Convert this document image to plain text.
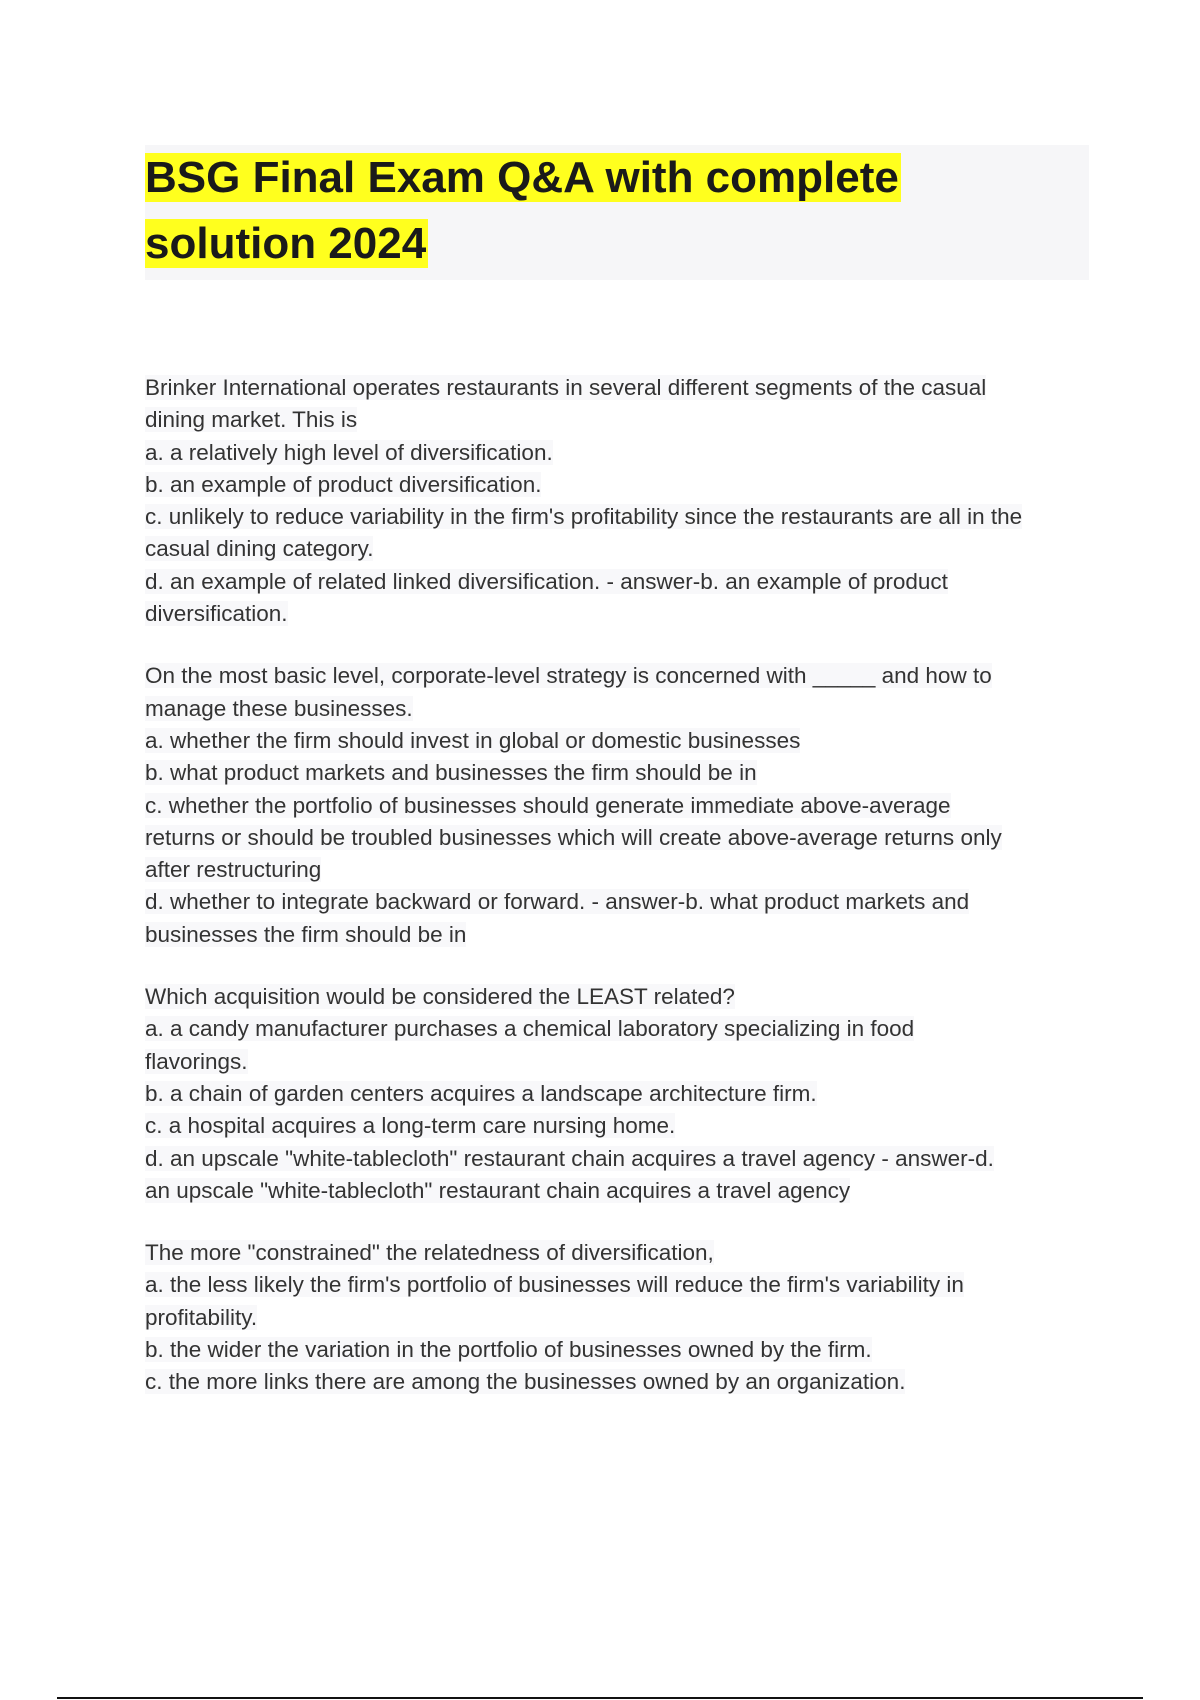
BSG Final Exam Q&A with complete
solution 2024
Brinker International operates restaurants in several different segments of the casual
dining market. This is
a. a relatively high level of diversification.
b. an example of product diversification.
c. unlikely to reduce variability in the firm's profitability since the restaurants are all in the
casual dining category.
d. an example of related linked diversification. - answer-b. an example of product
diversification.
On the most basic level, corporate-level strategy is concerned with _____ and how to
manage these businesses.
a. whether the firm should invest in global or domestic businesses
b. what product markets and businesses the firm should be in
c. whether the portfolio of businesses should generate immediate above-average
returns or should be troubled businesses which will create above-average returns only
after restructuring
d. whether to integrate backward or forward. - answer-b. what product markets and
businesses the firm should be in
Which acquisition would be considered the LEAST related?
a. a candy manufacturer purchases a chemical laboratory specializing in food
flavorings.
b. a chain of garden centers acquires a landscape architecture firm.
c. a hospital acquires a long-term care nursing home.
d. an upscale "white-tablecloth" restaurant chain acquires a travel agency - answer-d.
an upscale "white-tablecloth" restaurant chain acquires a travel agency
The more "constrained" the relatedness of diversification,
a. the less likely the firm's portfolio of businesses will reduce the firm's variability in
profitability.
b. the wider the variation in the portfolio of businesses owned by the firm.
c. the more links there are among the businesses owned by an organization.
